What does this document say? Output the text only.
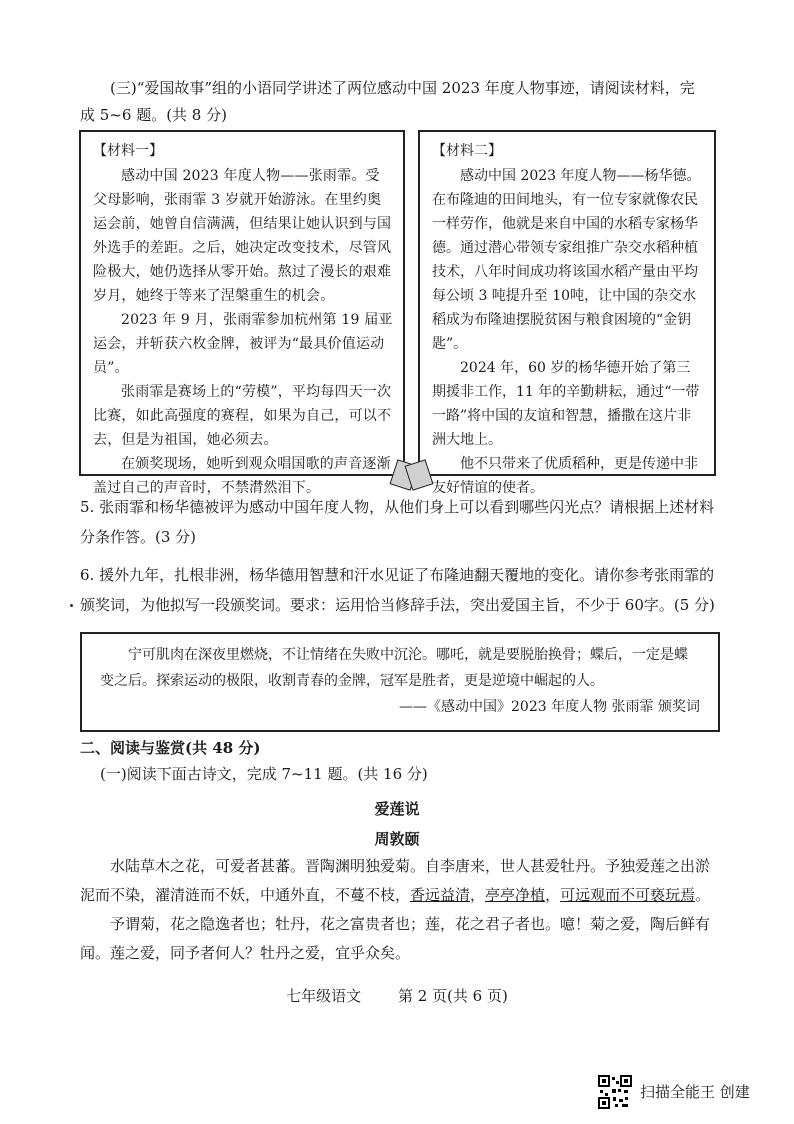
(三)“爱国故事”组的小语同学讲述了两位感动中国 2023 年度人物事迹，请阅读材料，完
成 5~6 题。(共 8 分)
【材料一】

感动中国 2023 年度人物——张雨霏。受父母影响，张雨霏 3 岁就开始游泳。在里约奥运会前，她曾自信满满，但结果让她认识到与国外选手的差距。之后，她决定改变技术，尽管风险极大，她仍选择从零开始。熬过了漫长的艰难岁月，她终于等来了涅槃重生的机会。

2023 年 9 月，张雨霏参加杭州第 19 届亚运会，并斩获六枚金牌，被评为“最具价值运动员”。

张雨霏是赛场上的“劳模”，平均每四天一次比赛，如此高强度的赛程，如果为自己，可以不去，但是为祖国，她必须去。

在颁奖现场，她听到观众唱国歌的声音逐渐盖过自己的声音时，不禁潸然泪下。

【材料二】

感动中国 2023 年度人物——杨华德。在布隆迪的田间地头，有一位专家就像农民一样劳作，他就是来自中国的水稻专家杨华德。通过潜心带领专家组推广杂交水稻种植技术，八年时间成功将该国水稻产量由平均每公顷 3 吨提升至 10吨，让中国的杂交水稻成为布隆迪摆脱贫困与粮食困境的“金钥匙”。

2024 年，60 岁的杨华德开始了第三期援非工作，11 年的辛勤耕耘，通过“一带一路”将中国的友谊和智慧，播撒在这片非洲大地上。

他不只带来了优质稻种，更是传递中非友好情谊的使者。

5. 张雨霏和杨华德被评为感动中国年度人物，从他们身上可以看到哪些闪光点？请根据上述材料分条作答。(3 分)
6. 援外九年，扎根非洲，杨华德用智慧和汗水见证了布隆迪翻天覆地的变化。请你参考张雨霏的颁奖词，为他拟写一段颁奖词。要求：运用恰当修辞手法，突出爱国主旨，不少于 60字。(5 分)

宁可肌肉在深夜里燃烧，不让情绪在失败中沉沦。哪吒，就是要脱胎换骨；蝶后，一定是蝶变之后。探索运动的极限，收割青春的金牌，冠军是胜者，更是逆境中崛起的人。

——《感动中国》2023 年度人物 张雨霏 颁奖词

二、阅读与鉴赏(共 48 分)
(一)阅读下面古诗文，完成 7~11 题。(共 16 分)
爱莲说
周敦颐

水陆草木之花，可爱者甚蕃。晋陶渊明独爱菊。自李唐来，世人甚爱牡丹。予独爱莲之出淤泥而不染，濯清涟而不妖，中通外直，不蔓不枝，香远益清，亭亭净植，可远观而不可亵玩焉。

予谓菊，花之隐逸者也；牡丹，花之富贵者也；莲，花之君子者也。噫！菊之爱，陶后鲜有闻。莲之爱，同予者何人？牡丹之爱，宜乎众矣。

七年级语文 第 2 页(共 6 页)
扫描全能王 创建
